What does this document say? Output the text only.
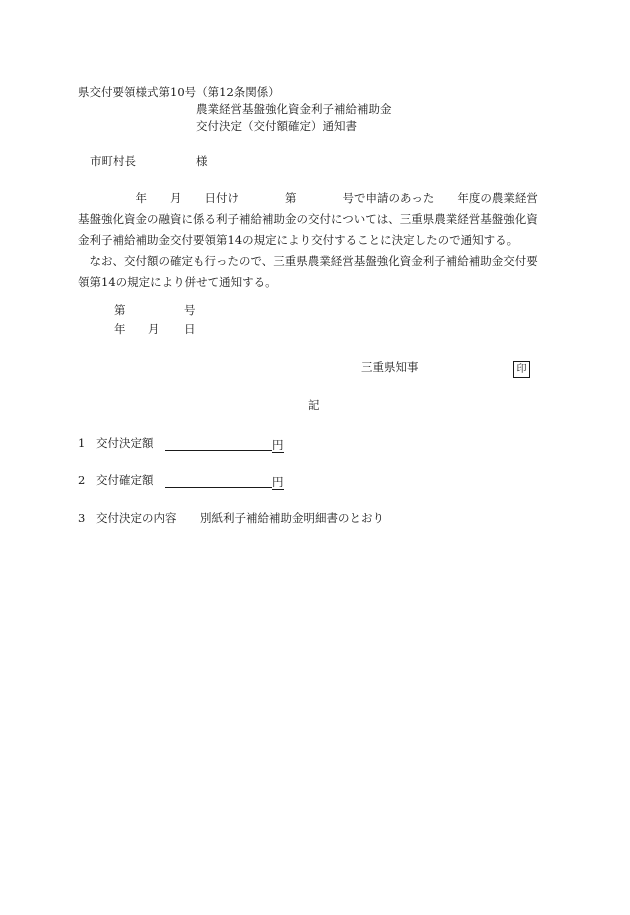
県交付要領様式第10号（第12条関係）
農業経営基盤強化資金利子補給補助金
交付決定（交付額確定）通知書
市町村長	様

　　　　　年　　月　　日付け　　　　第　　　　号で申請のあった　　年度の農業経営

基盤強化資金の融資に係る利子補給補助金の交付については、三重県農業経営基盤強化資

金利子補給補助金交付要領第14の規定により交付することに決定したので通知する。

　なお、交付額の確定も行ったので、三重県農業経営基盤強化資金利子補給補助金交付要

領第14の規定により併せて通知する。

第	号
年 月 日
三重県知事	印
記
1 交付決定額	円
2 交付確定額	円
3 交付決定の内容 別紙利子補給補助金明細書のとおり
